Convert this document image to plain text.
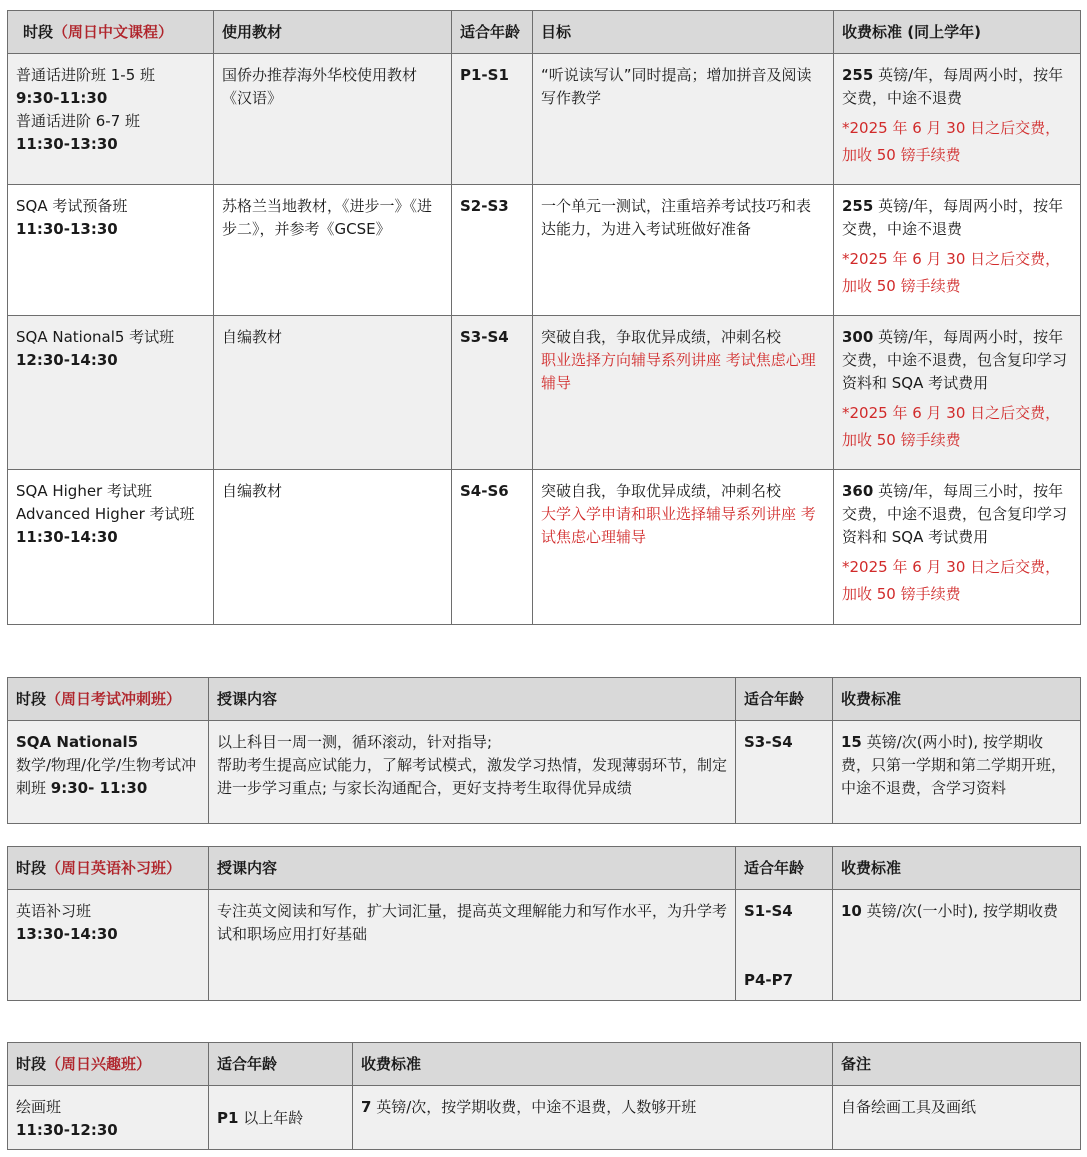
时段（周日中文课程）	使用教材	适合年龄	目标	收费标准 (同上学年)

普通话进阶班 1-5 班
9:30-11:30
普通话进阶 6-7 班
11:30-13:30	国侨办推荐海外华校使用教材《汉语》	P1-S1	“听说读写认”同时提高；增加拼音及阅读写作教学	255 英镑/年，每周两小时，按年交费，中途不退费
*2025 年 6 月 30 日之后交费，加收 50 镑手续费

SQA 考试预备班
11:30-13:30	苏格兰当地教材，《进步一》《进步二》，并参考《GCSE》	S2-S3	一个单元一测试，注重培养考试技巧和表达能力，为进入考试班做好准备	255 英镑/年，每周两小时，按年交费，中途不退费
*2025 年 6 月 30 日之后交费，加收 50 镑手续费

SQA National5 考试班
12:30-14:30	自编教材	S3-S4	突破自我，争取优异成绩，冲刺名校
职业选择方向辅导系列讲座 考试焦虑心理辅导	300 英镑/年，每周两小时，按年交费，中途不退费，包含复印学习资料和 SQA 考试费用
*2025 年 6 月 30 日之后交费，加收 50 镑手续费

SQA Higher 考试班
Advanced Higher 考试班
11:30-14:30	自编教材	S4-S6	突破自我，争取优异成绩，冲刺名校
大学入学申请和职业选择辅导系列讲座 考试焦虑心理辅导	360 英镑/年，每周三小时，按年交费，中途不退费，包含复印学习资料和 SQA 考试费用
*2025 年 6 月 30 日之后交费，加收 50 镑手续费
时段（周日考试冲刺班）	授课内容	适合年龄	收费标准

SQA National5
数学/物理/化学/生物考试冲刺班 9:30- 11:30	以上科目一周一测，循环滚动，针对指导;
帮助考生提高应试能力，了解考试模式，激发学习热情，发现薄弱环节，制定进一步学习重点; 与家长沟通配合，更好支持考生取得优异成绩	S3-S4	15 英镑/次(两小时), 按学期收费，只第一学期和第二学期开班，中途不退费，含学习资料
时段（周日英语补习班）	授课内容	适合年龄	收费标准

英语补习班
13:30-14:30	专注英文阅读和写作，扩大词汇量，提高英文理解能力和写作水平，为升学考试和职场应用打好基础	S1-S4
P4-P7	10 英镑/次(一小时), 按学期收费
时段（周日兴趣班）	适合年龄	收费标准	备注

绘画班
11:30-12:30	P1 以上年龄	7 英镑/次，按学期收费，中途不退费，人数够开班	自备绘画工具及画纸
